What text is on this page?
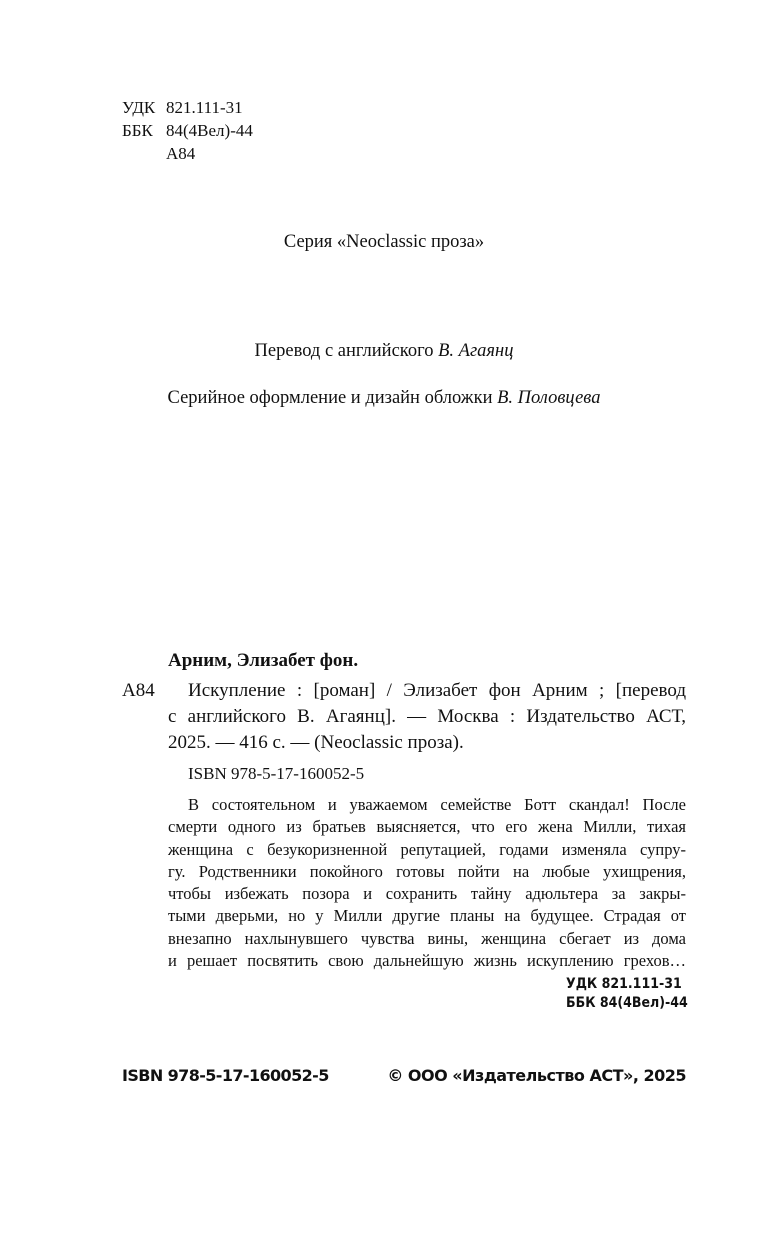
УДК 821.111-31
ББК 84(4Вел)-44
А84
Серия «Neoclassic проза»
Перевод с английского В. Агаянц
Серийное оформление и дизайн обложки В. Половцева
Арним, Элизабет фон.
А84	Искупление : [роман] / Элизабет фон Арним ; [перевод
с английского В. Агаянц]. — Москва : Издательство АСТ,
2025. — 416 с. — (Neoclassic проза).
ISBN 978-5-17-160052-5
В состоятельном и уважаемом семействе Ботт скандал! После
смерти одного из братьев выясняется, что его жена Милли, тихая
женщина с безукоризненной репутацией, годами изменяла супру-
гу. Родственники покойного готовы пойти на любые ухищрения,
чтобы избежать позора и сохранить тайну адюльтера за закры-
тыми дверьми, но у Милли другие планы на будущее. Страдая от
внезапно нахлынувшего чувства вины, женщина сбегает из дома
и решает посвятить свою дальнейшую жизнь искуплению грехов…
УДК 821.111-31
ББК 84(4Вел)-44
ISBN 978-5-17-160052-5	© ООО «Издательство АСТ», 2025
